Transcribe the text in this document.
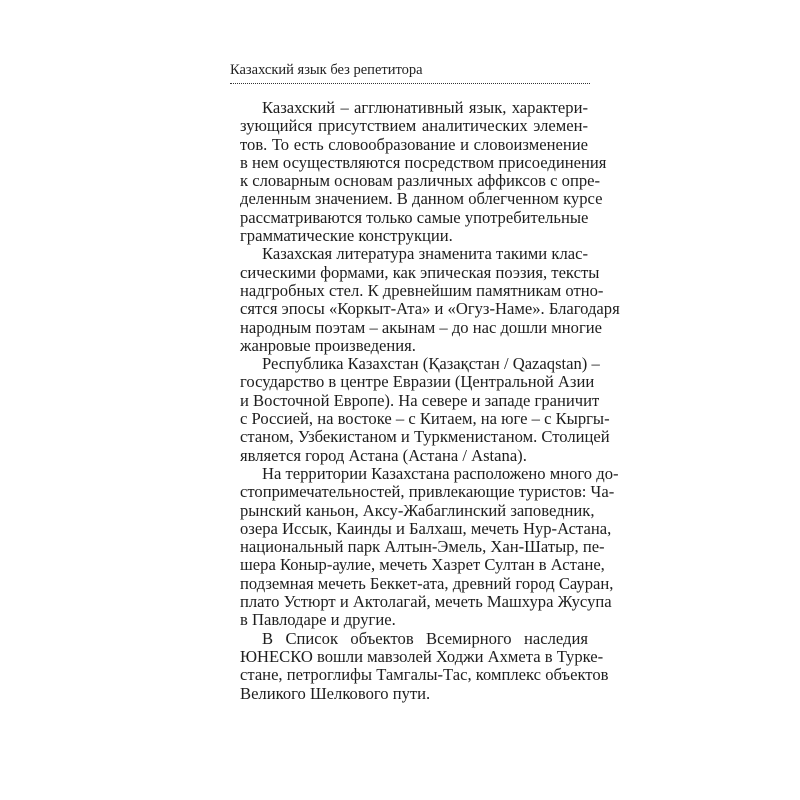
Казахский язык без репетитора
Казахский – агглюнативный язык, характери-
зующийся присутствием аналитических элемен-
тов. То есть словообразование и словоизменение
в нем осуществляются посредством присоединения
к словарным основам различных аффиксов с опре-
деленным значением. В данном облегченном курсе
рассматриваются только самые употребительные
грамматические конструкции.
Казахская литература знаменита такими клас-
сическими формами, как эпическая поэзия, тексты
надгробных стел. К древнейшим памятникам отно-
сятся эпосы «Коркыт-Ата» и «Огуз-Наме». Благодаря
народным поэтам – акынам – до нас дошли многие
жанровые произведения.
Республика Казахстан (Қазақстан / Qazaqstan) –
государство в центре Евразии (Центральной Азии
и Восточной Европе). На севере и западе граничит
с Россией, на востоке – с Китаем, на юге – с Кыргы-
станом, Узбекистаном и Туркменистаном. Столицей
является город Астана (Астана / Astana).
На территории Казахстана расположено много до-
стопримечательностей, привлекающие туристов: Ча-
рынский каньон, Аксу-Жабаглинский заповедник,
озера Иссык, Каинды и Балхаш, мечеть Нур-Астана,
национальный парк Алтын-Эмель, Хан-Шатыр, пе-
шера Коныр-аулие, мечеть Хазрет Султан в Астане,
подземная мечеть Беккет-ата, древний город Сауран,
плато Устюрт и Актолагай, мечеть Машхура Жусупа
в Павлодаре и другие.
В Список объектов Всемирного наследия
ЮНЕСКО вошли мавзолей Ходжи Ахмета в Турке-
стане, петроглифы Тамгалы-Тас, комплекс объектов
Великого Шелкового пути.
